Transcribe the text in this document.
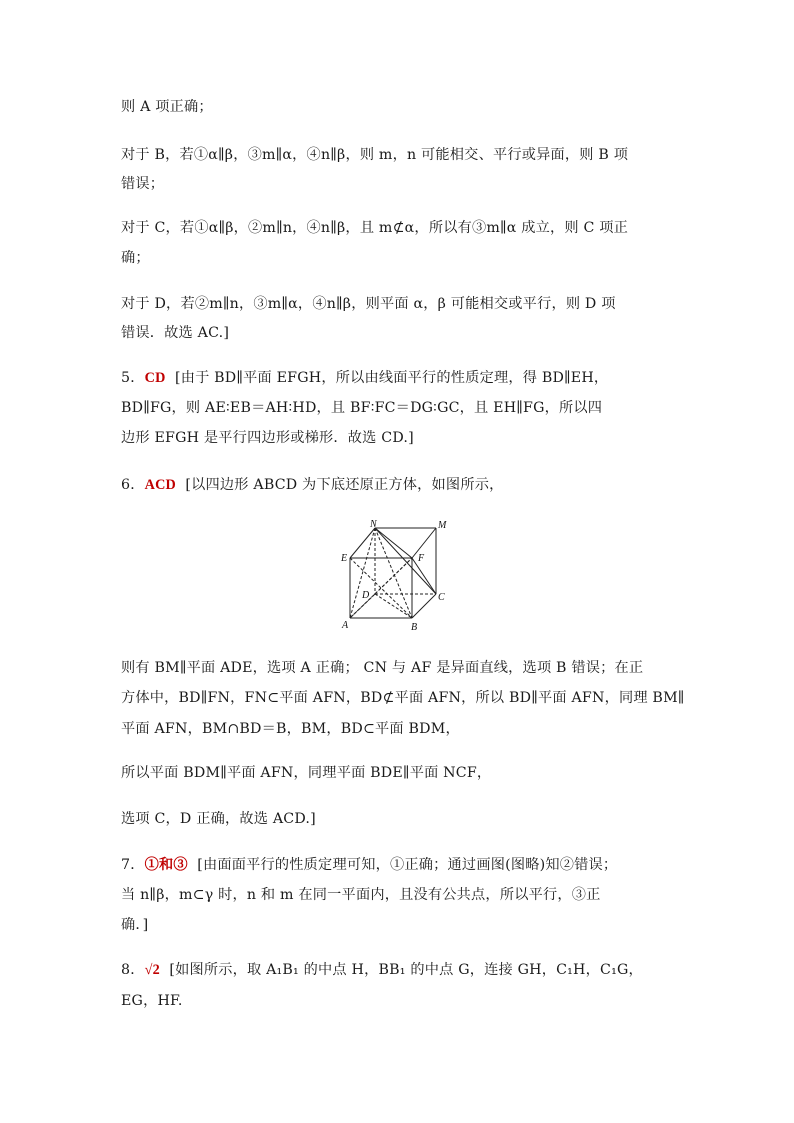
则 A 项正确；
对于 B，若①α∥β，③m∥α，④n∥β，则 m，n 可能相交、平行或异面，则 B 项
错误；
对于 C，若①α∥β，②m∥n，④n∥β，且 m⊄α，所以有③m∥α 成立，则 C 项正
确；
对于 D，若②m∥n，③m∥α，④n∥β，则平面 α，β 可能相交或平行，则 D 项
错误．故选 AC.]
5．CD [由于 BD∥平面 EFGH，所以由线面平行的性质定理，得 BD∥EH，
BD∥FG，则 AE∶EB＝AH∶HD，且 BF∶FC＝DG∶GC，且 EH∥FG，所以四
边形 EFGH 是平行四边形或梯形．故选 CD.]
6．ACD [以四边形 ABCD 为下底还原正方体，如图所示，
N	M
E	F
D	C
A	B
则有 BM∥平面 ADE，选项 A 正确； CN 与 AF 是异面直线，选项 B 错误；在正
方体中，BD∥FN，FN⊂平面 AFN，BD⊄平面 AFN，所以 BD∥平面 AFN，同理 BM∥
平面 AFN，BM∩BD＝B，BM，BD⊂平面 BDM，
所以平面 BDM∥平面 AFN，同理平面 BDE∥平面 NCF，
选项 C，D 正确，故选 ACD.]
7．①和③ [由面面平行的性质定理可知，①正确；通过画图(图略)知②错误；
当 n∥β，m⊂γ 时，n 和 m 在同一平面内，且没有公共点，所以平行，③正
确．]
8．√2 [如图所示，取 A₁B₁ 的中点 H，BB₁ 的中点 G，连接 GH，C₁H，C₁G，
EG，HF.
